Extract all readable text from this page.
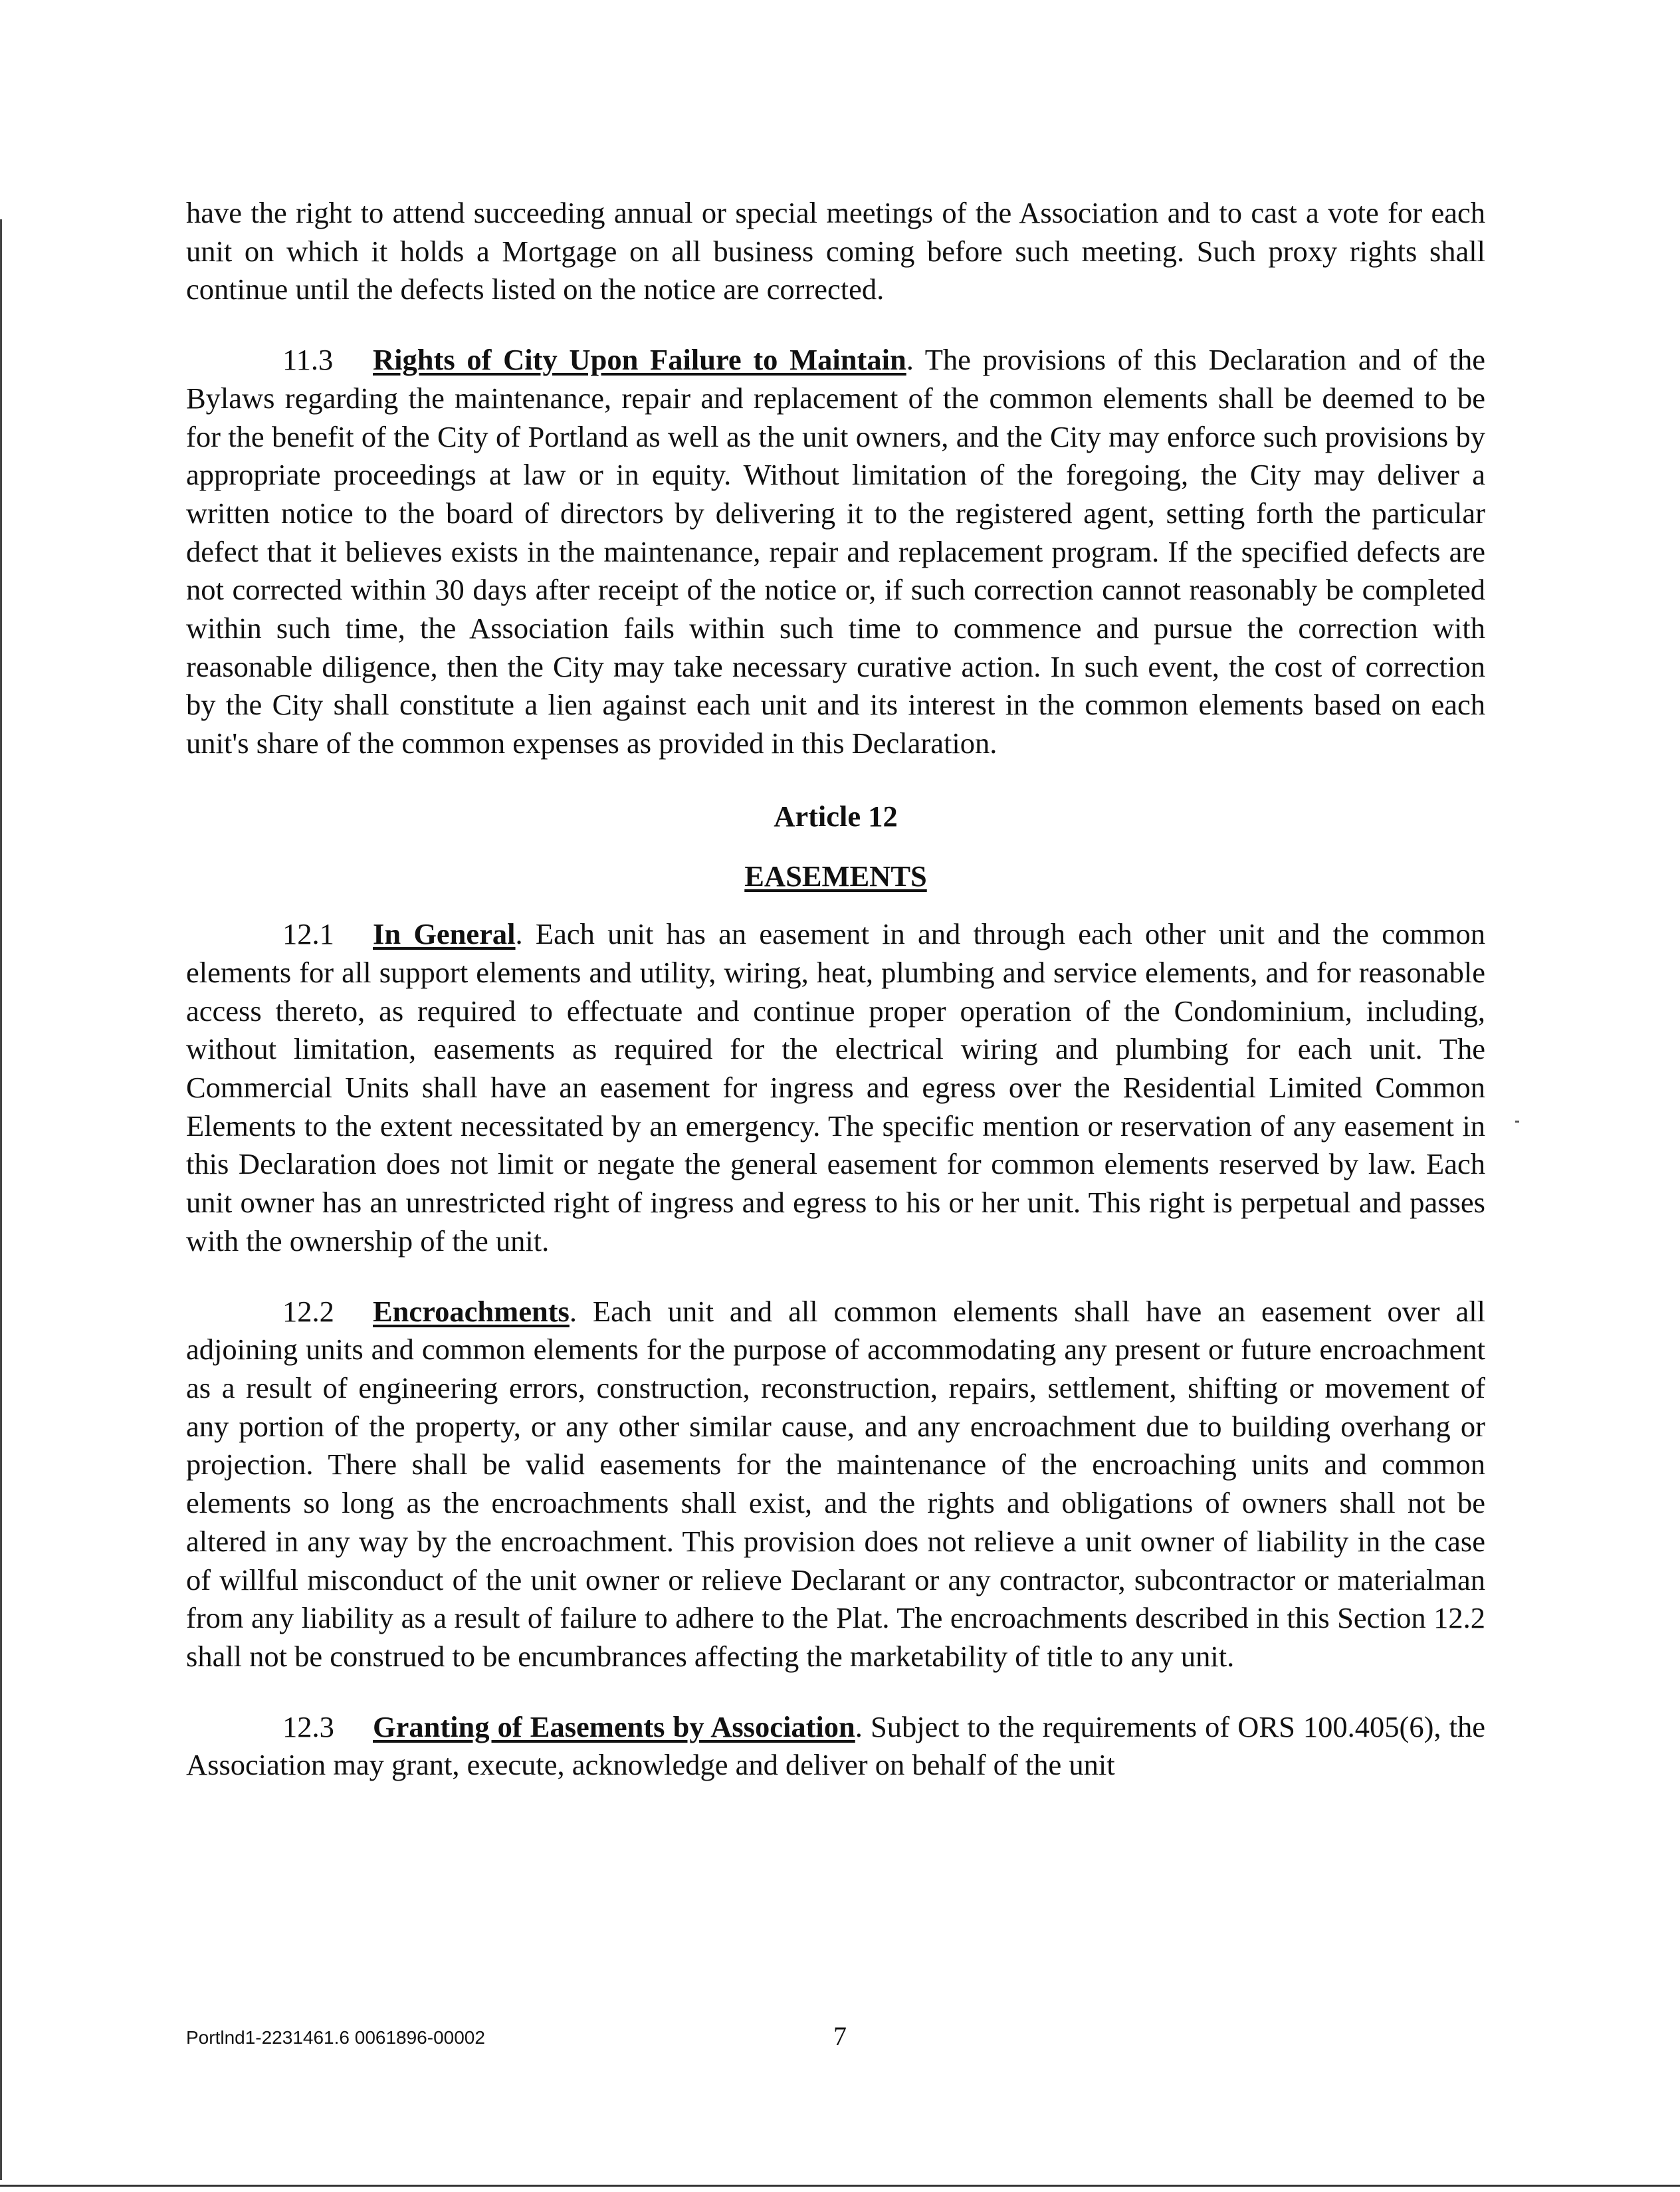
have the right to attend succeeding annual or special meetings of the Association and to cast a vote for each unit on which it holds a Mortgage on all business coming before such meeting. Such proxy rights shall continue until the defects listed on the notice are corrected.

11.3 Rights of City Upon Failure to Maintain. The provisions of this Declaration and of the Bylaws regarding the maintenance, repair and replacement of the common elements shall be deemed to be for the benefit of the City of Portland as well as the unit owners, and the City may enforce such provisions by appropriate proceedings at law or in equity. Without limitation of the foregoing, the City may deliver a written notice to the board of directors by delivering it to the registered agent, setting forth the particular defect that it believes exists in the maintenance, repair and replacement program. If the specified defects are not corrected within 30 days after receipt of the notice or, if such correction cannot reasonably be completed within such time, the Association fails within such time to commence and pursue the correction with reasonable diligence, then the City may take necessary curative action. In such event, the cost of correction by the City shall constitute a lien against each unit and its interest in the common elements based on each unit's share of the common expenses as provided in this Declaration.

Article 12
EASEMENTS

12.1 In General. Each unit has an easement in and through each other unit and the common elements for all support elements and utility, wiring, heat, plumbing and service elements, and for reasonable access thereto, as required to effectuate and continue proper operation of the Condominium, including, without limitation, easements as required for the electrical wiring and plumbing for each unit. The Commercial Units shall have an easement for ingress and egress over the Residential Limited Common Elements to the extent necessitated by an emergency. The specific mention or reservation of any easement in this Declaration does not limit or negate the general easement for common elements reserved by law. Each unit owner has an unrestricted right of ingress and egress to his or her unit. This right is perpetual and passes with the ownership of the unit.

12.2 Encroachments. Each unit and all common elements shall have an easement over all adjoining units and common elements for the purpose of accommodating any present or future encroachment as a result of engineering errors, construction, reconstruction, repairs, settlement, shifting or movement of any portion of the property, or any other similar cause, and any encroachment due to building overhang or projection. There shall be valid easements for the maintenance of the encroaching units and common elements so long as the encroachments shall exist, and the rights and obligations of owners shall not be altered in any way by the encroachment. This provision does not relieve a unit owner of liability in the case of willful misconduct of the unit owner or relieve Declarant or any contractor, subcontractor or materialman from any liability as a result of failure to adhere to the Plat. The encroachments described in this Section 12.2 shall not be construed to be encumbrances affecting the marketability of title to any unit.

12.3 Granting of Easements by Association. Subject to the requirements of ORS 100.405(6), the Association may grant, execute, acknowledge and deliver on behalf of the unit

Portlnd1-2231461.6 0061896-00002	7
